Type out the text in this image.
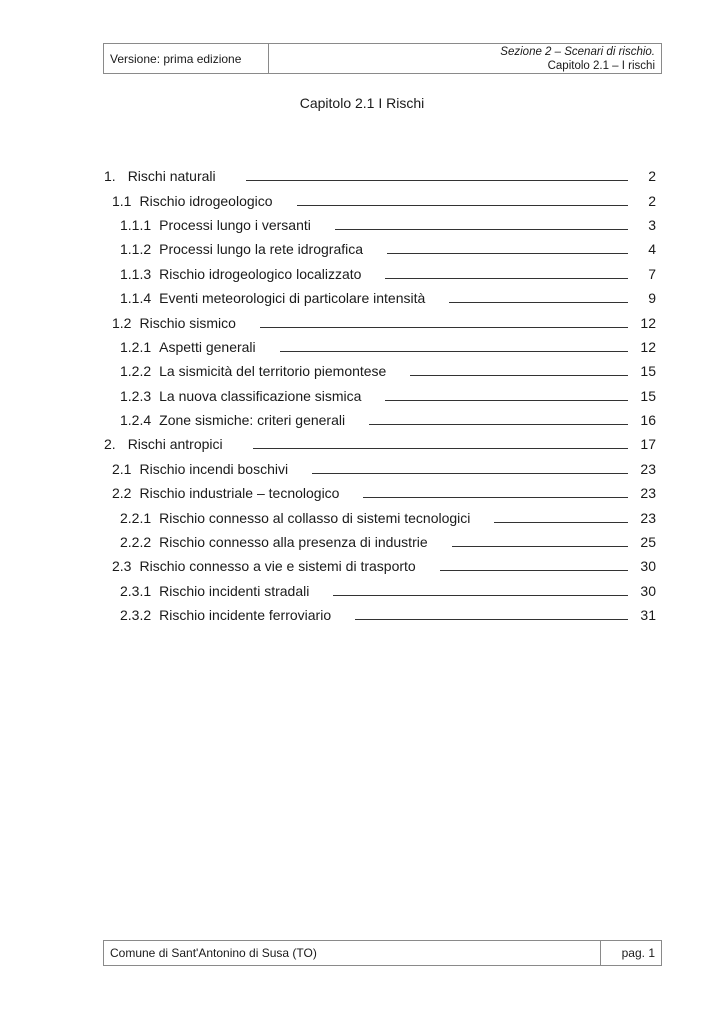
Versione: prima edizione	Sezione 2 – Scenari di rischio.
Capitolo 2.1 – I rischi
Capitolo 2.1 I Rischi
1. Rischi naturali	2
1.1 Rischio idrogeologico	2
1.1.1 Processi lungo i versanti	3
1.1.2 Processi lungo la rete idrografica	4
1.1.3 Rischio idrogeologico localizzato	7
1.1.4 Eventi meteorologici di particolare intensità	9
1.2 Rischio sismico	12
1.2.1 Aspetti generali	12
1.2.2 La sismicità del territorio piemontese	15
1.2.3 La nuova classificazione sismica	15
1.2.4 Zone sismiche: criteri generali	16
2. Rischi antropici	17
2.1 Rischio incendi boschivi	23
2.2 Rischio industriale – tecnologico	23
2.2.1 Rischio connesso al collasso di sistemi tecnologici	23
2.2.2 Rischio connesso alla presenza di industrie	25
2.3 Rischio connesso a vie e sistemi di trasporto	30
2.3.1 Rischio incidenti stradali	30
2.3.2 Rischio incidente ferroviario	31
Comune di Sant'Antonino di Susa (TO)	pag. 1
